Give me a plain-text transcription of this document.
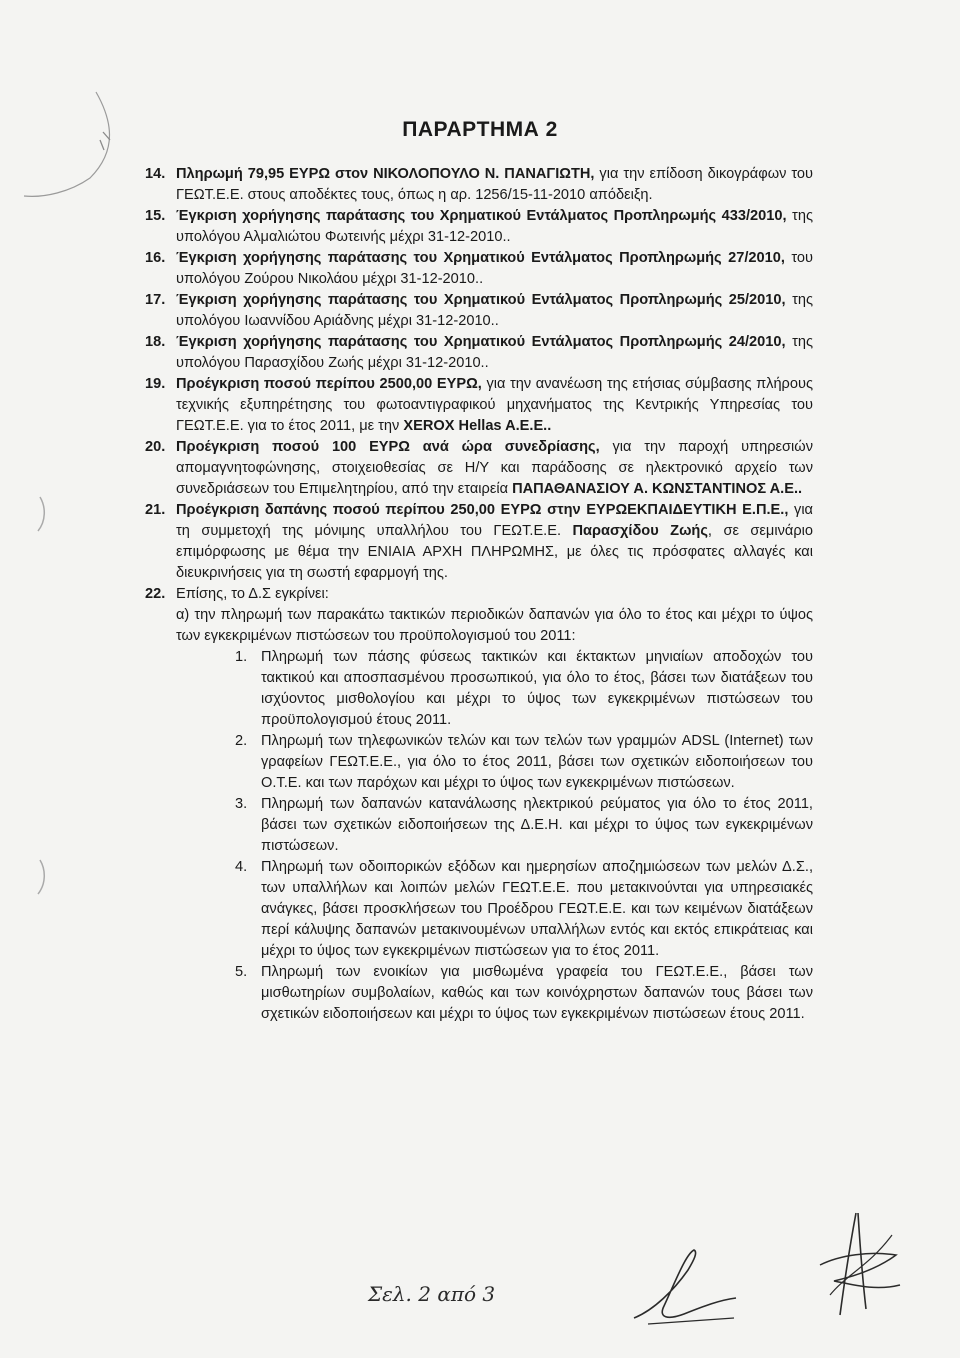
ΠΑΡΑΡΤΗΜΑ 2

14. Πληρωμή 79,95 ΕΥΡΩ στον ΝΙΚΟΛΟΠΟΥΛΟ Ν. ΠΑΝΑΓΙΩΤΗ, για την επίδοση δικογράφων του ΓΕΩΤ.Ε.Ε. στους αποδέκτες τους, όπως η αρ. 1256/15-11-2010 απόδειξη.

15. Έγκριση χορήγησης παράτασης του Χρηματικού Εντάλματος Προπληρωμής 433/2010, της υπολόγου Αλμαλιώτου Φωτεινής μέχρι 31-12-2010..

16. Έγκριση χορήγησης παράτασης του Χρηματικού Εντάλματος Προπληρωμής 27/2010, του υπολόγου Ζούρου Νικολάου μέχρι 31-12-2010..

17. Έγκριση χορήγησης παράτασης του Χρηματικού Εντάλματος Προπληρωμής 25/2010, της υπολόγου Ιωαννίδου Αριάδνης μέχρι 31-12-2010..

18. Έγκριση χορήγησης παράτασης του Χρηματικού Εντάλματος Προπληρωμής 24/2010, της υπολόγου Παρασχίδου Ζωής μέχρι 31-12-2010..

19. Προέγκριση ποσού περίπου 2500,00 ΕΥΡΩ, για την ανανέωση της ετήσιας σύμβασης πλήρους τεχνικής εξυπηρέτησης του φωτοαντιγραφικού μηχανήματος της Κεντρικής Υπηρεσίας του ΓΕΩΤ.Ε.Ε. για το έτος 2011, με την XEROX Hellas A.E.E..

20. Προέγκριση ποσού 100 ΕΥΡΩ ανά ώρα συνεδρίασης, για την παροχή υπηρεσιών απομαγνητοφώνησης, στοιχειοθεσίας σε Η/Υ και παράδοσης σε ηλεκτρονικό αρχείο των συνεδριάσεων του Επιμελητηρίου, από την εταιρεία ΠΑΠΑΘΑΝΑΣΙΟΥ Α. ΚΩΝΣΤΑΝΤΙΝΟΣ Α.Ε..

21. Προέγκριση δαπάνης ποσού περίπου 250,00 ΕΥΡΩ στην ΕΥΡΩΕΚΠΑΙΔΕΥΤΙΚΗ Ε.Π.Ε., για τη συμμετοχή της μόνιμης υπαλλήλου του ΓΕΩΤ.Ε.Ε. Παρασχίδου Ζωής, σε σεμινάριο επιμόρφωσης με θέμα την ΕΝΙΑΙΑ ΑΡΧΗ ΠΛΗΡΩΜΗΣ, με όλες τις πρόσφατες αλλαγές και διευκρινήσεις για τη σωστή εφαρμογή της.

22. Επίσης, το Δ.Σ εγκρίνει:

α) την πληρωμή των παρακάτω τακτικών περιοδικών δαπανών για όλο το έτος και μέχρι το ύψος των εγκεκριμένων πιστώσεων του προϋπολογισμού του 2011:

1. Πληρωμή των πάσης φύσεως τακτικών και έκτακτων μηνιαίων αποδοχών του τακτικού και αποσπασμένου προσωπικού, για όλο το έτος, βάσει των διατάξεων του ισχύοντος μισθολογίου και μέχρι το ύψος των εγκεκριμένων πιστώσεων του προϋπολογισμού έτους 2011.

2. Πληρωμή των τηλεφωνικών τελών και των τελών των γραμμών ADSL (Internet) των γραφείων ΓΕΩΤ.Ε.Ε., για όλο το έτος 2011, βάσει των σχετικών ειδοποιήσεων του Ο.Τ.Ε. και των παρόχων και μέχρι το ύψος των εγκεκριμένων πιστώσεων.

3. Πληρωμή των δαπανών κατανάλωσης ηλεκτρικού ρεύματος για όλο το έτος 2011, βάσει των σχετικών ειδοποιήσεων της Δ.Ε.Η. και μέχρι το ύψος των εγκεκριμένων πιστώσεων.

4. Πληρωμή των οδοιπορικών εξόδων και ημερησίων αποζημιώσεων των μελών Δ.Σ., των υπαλλήλων και λοιπών μελών ΓΕΩΤ.Ε.Ε. που μετακινούνται για υπηρεσιακές ανάγκες, βάσει προσκλήσεων του Προέδρου ΓΕΩΤ.Ε.Ε. και των κειμένων διατάξεων περί κάλυψης δαπανών μετακινουμένων υπαλλήλων εντός και εκτός επικράτειας και μέχρι το ύψος των εγκεκριμένων πιστώσεων για το έτος 2011.

5. Πληρωμή των ενοικίων για μισθωμένα γραφεία του ΓΕΩΤ.Ε.Ε., βάσει των μισθωτηρίων συμβολαίων, καθώς και των κοινόχρηστων δαπανών τους βάσει των σχετικών ειδοποιήσεων και μέχρι το ύψος των εγκεκριμένων πιστώσεων έτους 2011.

Σελ. 2 από 3
